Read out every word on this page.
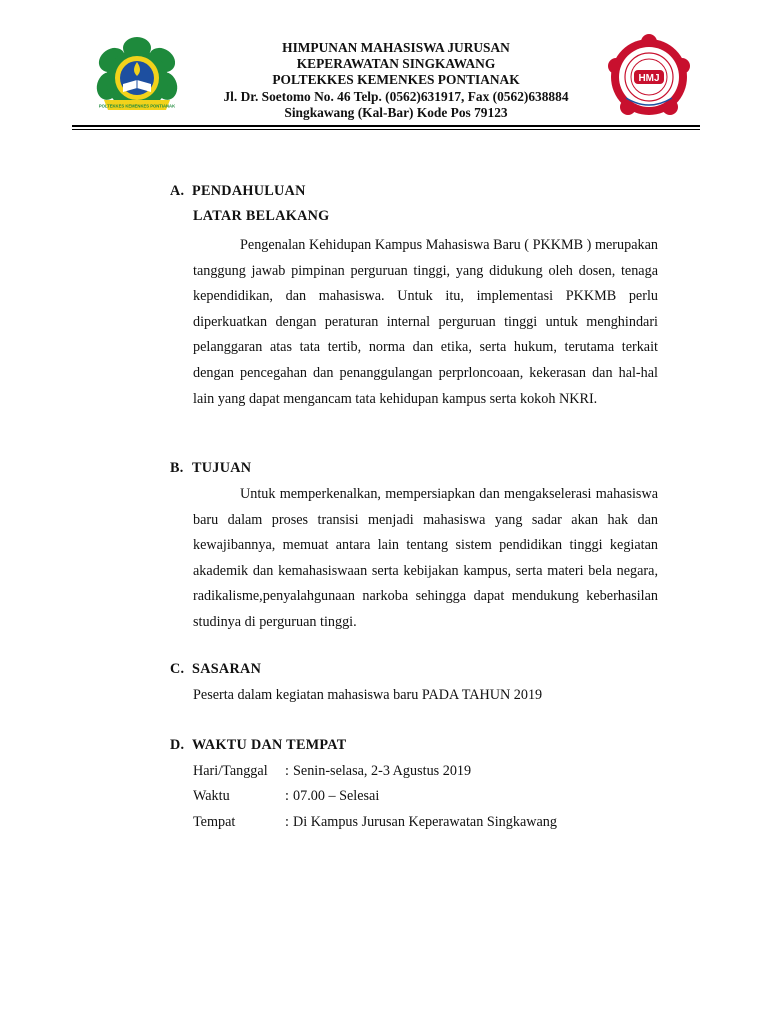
POLTEKKES KEMENKES PONTIANAK
HIMPUNAN MAHASISWA JURUSAN
KEPERAWATAN SINGKAWANG
POLTEKKES KEMENKES PONTIANAK
Jl. Dr. Soetomo No. 46 Telp. (0562)631917, Fax (0562)638884
Singkawang (Kal-Bar) Kode Pos 79123
HMJ
A. PENDAHULUAN
LATAR BELAKANG

Pengenalan Kehidupan Kampus Mahasiswa Baru ( PKKMB ) merupakan tanggung jawab pimpinan perguruan tinggi, yang didukung oleh dosen, tenaga kependidikan, dan mahasiswa. Untuk itu, implementasi PKKMB perlu diperkuatkan dengan peraturan internal perguruan tinggi untuk menghindari pelanggaran atas tata tertib, norma dan etika, serta hukum, terutama terkait dengan pencegahan dan penanggulangan perprloncoaan, kekerasan dan hal-hal lain yang dapat mengancam tata kehidupan kampus serta kokoh NKRI.

B. TUJUAN

Untuk memperkenalkan, mempersiapkan dan mengakselerasi mahasiswa baru dalam proses transisi menjadi mahasiswa yang sadar akan hak dan kewajibannya, memuat antara lain tentang sistem pendidikan tinggi kegiatan akademik dan kemahasiswaan serta kebijakan kampus, serta materi bela negara, radikalisme,penyalahgunaan narkoba sehingga dapat mendukung keberhasilan studinya di perguruan tinggi.

C. SASARAN
Peserta dalam kegiatan mahasiswa baru PADA TAHUN 2019
D. WAKTU DAN TEMPAT
Hari/Tanggal : Senin-selasa, 2-3 Agustus 2019
Waktu	: 07.00 – Selesai
Tempat	: Di Kampus Jurusan Keperawatan Singkawang
